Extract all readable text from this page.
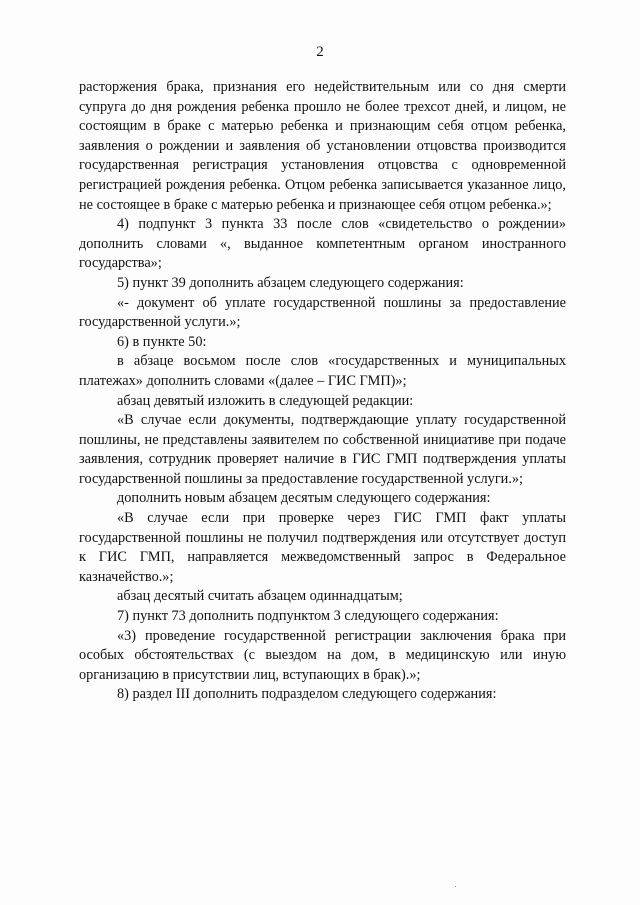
2

расторжения брака, признания его недействительным или со дня смерти супруга до дня рождения ребенка прошло не более трехсот дней, и лицом, не состоящим в браке с матерью ребенка и признающим себя отцом ребенка, заявления о рождении и заявления об установлении отцовства производится государственная регистрация установления отцовства с одновременной регистрацией рождения ребенка. Отцом ребенка записывается указанное лицо, не состоящее в браке с матерью ребенка и признающее себя отцом ребенка.»;

4) подпункт 3 пункта 33 после слов «свидетельство о рождении» дополнить словами «, выданное компетентным органом иностранного государства»;

5) пункт 39 дополнить абзацем следующего содержания:

«- документ об уплате государственной пошлины за предоставление государственной услуги.»;

6) в пункте 50:

в абзаце восьмом после слов «государственных и муниципальных платежах» дополнить словами «(далее – ГИС ГМП)»;

абзац девятый изложить в следующей редакции:

«В случае если документы, подтверждающие уплату государственной пошлины, не представлены заявителем по собственной инициативе при подаче заявления, сотрудник проверяет наличие в ГИС ГМП подтверждения уплаты государственной пошлины за предоставление государственной услуги.»;

дополнить новым абзацем десятым следующего содержания:

«В случае если при проверке через ГИС ГМП факт уплаты государственной пошлины не получил подтверждения или отсутствует доступ к ГИС ГМП, направляется межведомственный запрос в Федеральное казначейство.»;

абзац десятый считать абзацем одиннадцатым;

7) пункт 73 дополнить подпунктом 3 следующего содержания:

«3) проведение государственной регистрации заключения брака при особых обстоятельствах (с выездом на дом, в медицинскую или иную организацию в присутствии лиц, вступающих в брак).»;

8) раздел III дополнить подразделом следующего содержания:
